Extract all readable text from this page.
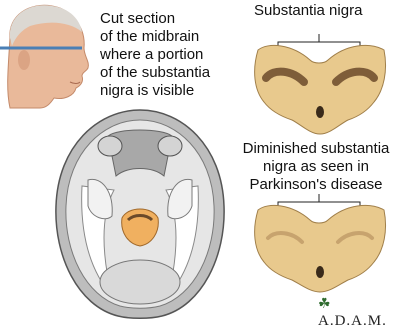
Cut section
of the midbrain
where a portion
of the substantia
nigra is visible
Substantia nigra
Diminished substantia
nigra as seen in
Parkinson's disease
☘A.D.A.M.
